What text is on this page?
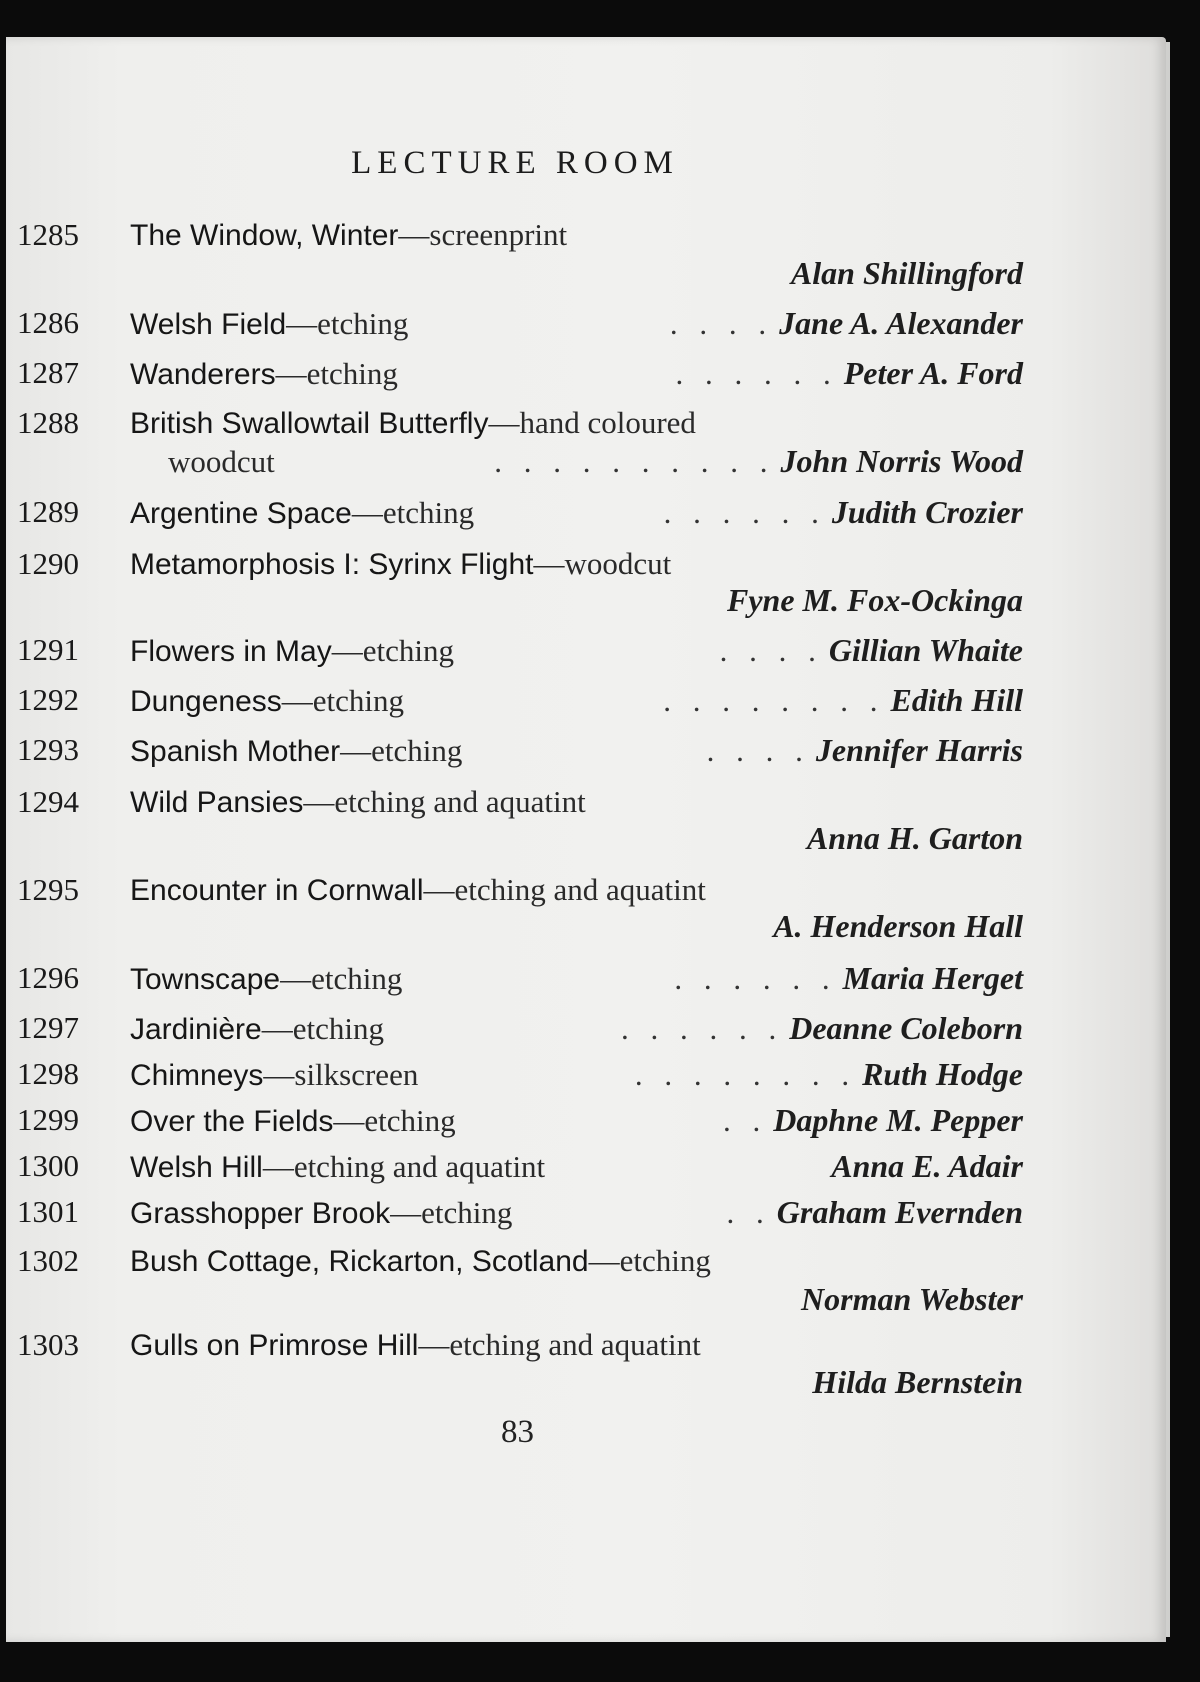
LECTURE ROOM
1285 The Window, Winter —screenprint
Alan Shillingford
1286 Welsh Field —etching	. . . . Jane A. Alexander
1287 Wanderers —etching	. . . . . . Peter A. Ford
1288 British Swallowtail Butterfly —hand coloured
woodcut	. . . . . . . . . . John Norris Wood
1289 Argentine Space —etching	. . . . . . Judith Crozier
1290 Metamorphosis I: Syrinx Flight —woodcut
Fyne M. Fox-Ockinga
1291 Flowers in May —etching	. . . . Gillian Whaite
1292 Dungeness —etching	. . . . . . . . Edith Hill
1293 Spanish Mother —etching	. . . . Jennifer Harris
1294 Wild Pansies —etching and aquatint
Anna H. Garton
1295 Encounter in Cornwall —etching and aquatint
A. Henderson Hall
1296 Townscape —etching	. . . . . . Maria Herget
1297 Jardinière —etching	. . . . . . Deanne Coleborn
1298 Chimneys —silkscreen	. . . . . . . . Ruth Hodge
1299 Over the Fields —etching	. . Daphne M. Pepper
1300 Welsh Hill —etching and aquatint	Anna E. Adair
1301 Grasshopper Brook —etching	. . Graham Evernden
1302 Bush Cottage, Rickarton, Scotland —etching
Norman Webster
1303 Gulls on Primrose Hill —etching and aquatint
Hilda Bernstein
83
